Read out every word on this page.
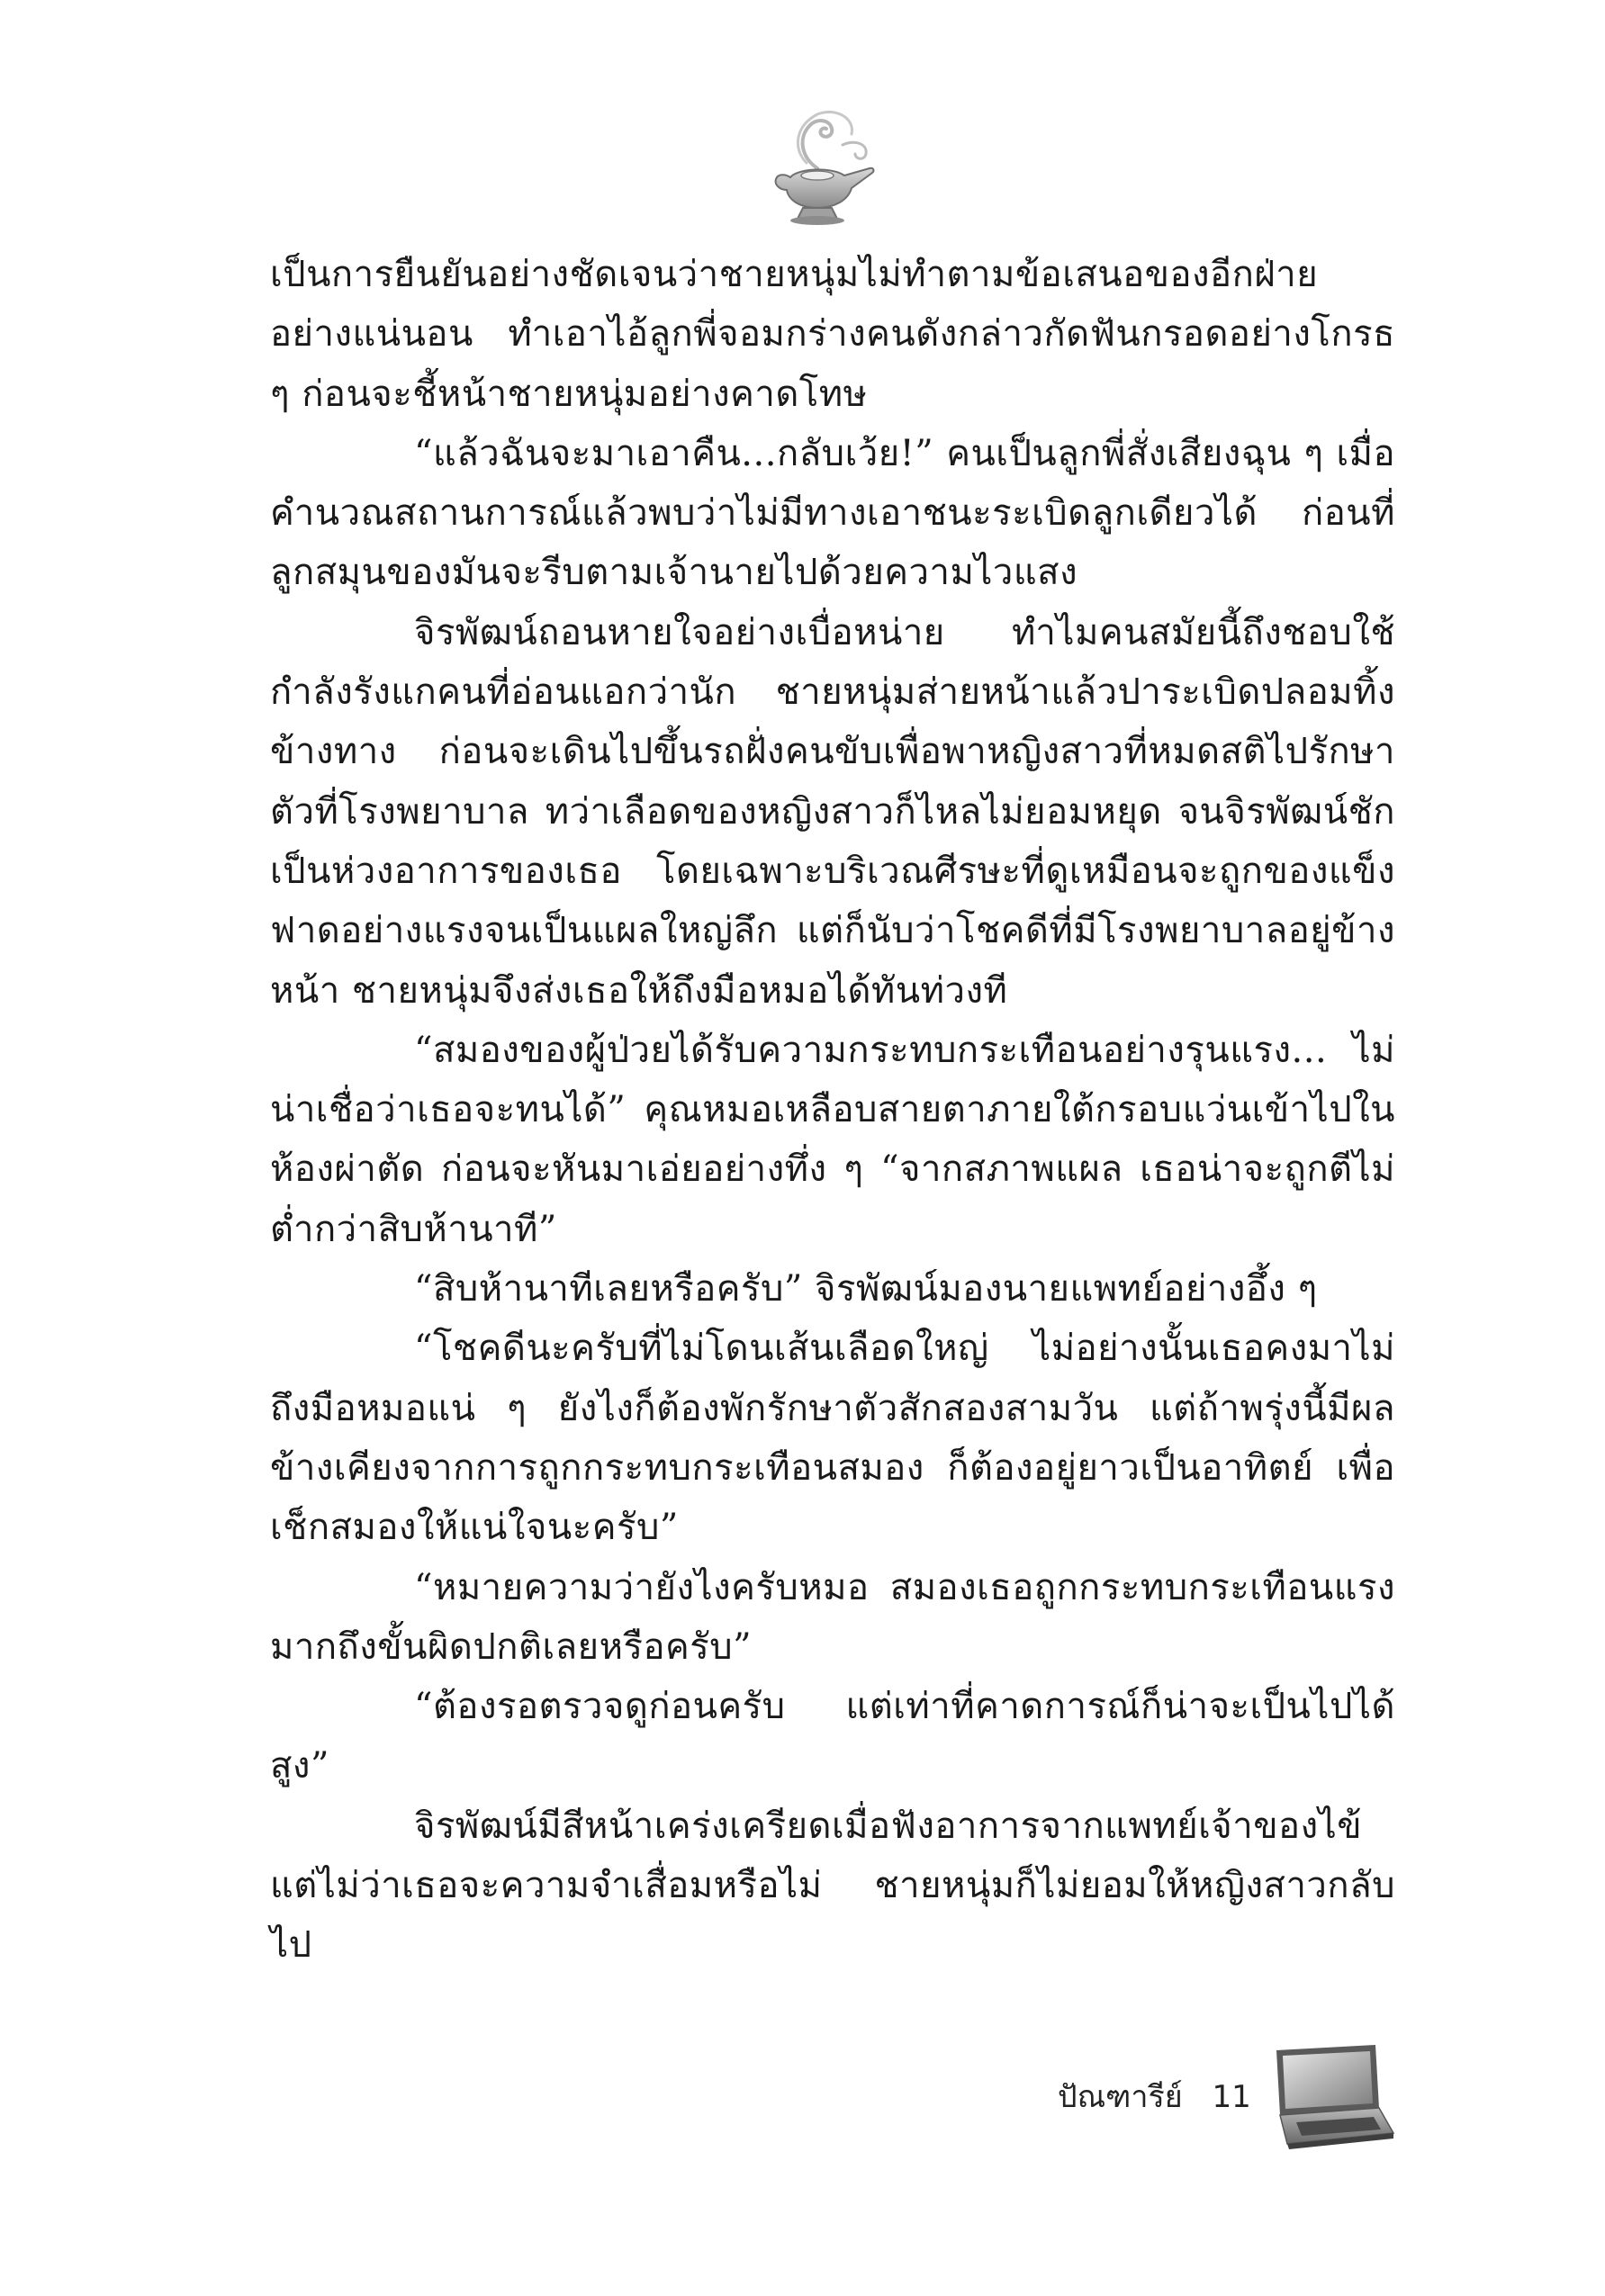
เป็นการยืนยันอย่างชัดเจนว่าชายหนุ่มไม่ทำตามข้อเสนอของอีกฝ่ายอย่างแน่นอน ทำเอาไอ้ลูกพี่จอมกร่างคนดังกล่าวกัดฟันกรอดอย่างโกรธ ๆ ก่อนจะชี้หน้าชายหนุ่มอย่างคาดโทษ

“แล้วฉันจะมาเอาคืน...กลับเว้ย!” คนเป็นลูกพี่สั่งเสียงฉุน ๆ เมื่อคำนวณสถานการณ์แล้วพบว่าไม่มีทางเอาชนะระเบิดลูกเดียวได้ ก่อนที่ลูกสมุนของมันจะรีบตามเจ้านายไปด้วยความไวแสง

จิรพัฒน์ถอนหายใจอย่างเบื่อหน่าย ทำไมคนสมัยนี้ถึงชอบใช้กำลังรังแกคนที่อ่อนแอกว่านัก ชายหนุ่มส่ายหน้าแล้วปาระเบิดปลอมทิ้งข้างทาง ก่อนจะเดินไปขึ้นรถฝั่งคนขับเพื่อพาหญิงสาวที่หมดสติไปรักษาตัวที่โรงพยาบาล ทว่าเลือดของหญิงสาวก็ไหลไม่ยอมหยุด จนจิรพัฒน์ชักเป็นห่วงอาการของเธอ โดยเฉพาะบริเวณศีรษะที่ดูเหมือนจะถูกของแข็งฟาดอย่างแรงจนเป็นแผลใหญ่ลึก แต่ก็นับว่าโชคดีที่มีโรงพยาบาลอยู่ข้างหน้า ชายหนุ่มจึงส่งเธอให้ถึงมือหมอได้ทันท่วงที

“สมองของผู้ป่วยได้รับความกระทบกระเทือนอย่างรุนแรง... ไม่น่าเชื่อว่าเธอจะทนได้” คุณหมอเหลือบสายตาภายใต้กรอบแว่นเข้าไปในห้องผ่าตัด ก่อนจะหันมาเอ่ยอย่างทึ่ง ๆ “จากสภาพแผล เธอน่าจะถูกตีไม่ต่ำกว่าสิบห้านาที”

“สิบห้านาทีเลยหรือครับ” จิรพัฒน์มองนายแพทย์อย่างอึ้ง ๆ

“โชคดีนะครับที่ไม่โดนเส้นเลือดใหญ่ ไม่อย่างนั้นเธอคงมาไม่ถึงมือหมอแน่ ๆ ยังไงก็ต้องพักรักษาตัวสักสองสามวัน แต่ถ้าพรุ่งนี้มีผลข้างเคียงจากการถูกกระทบกระเทือนสมอง ก็ต้องอยู่ยาวเป็นอาทิตย์ เพื่อเช็กสมองให้แน่ใจนะครับ”

“หมายความว่ายังไงครับหมอ สมองเธอถูกกระทบกระเทือนแรงมากถึงขั้นผิดปกติเลยหรือครับ”

“ต้องรอตรวจดูก่อนครับ แต่เท่าที่คาดการณ์ก็น่าจะเป็นไปได้สูง”

จิรพัฒน์มีสีหน้าเคร่งเครียดเมื่อฟังอาการจากแพทย์เจ้าของไข้ แต่ไม่ว่าเธอจะความจำเสื่อมหรือไม่ ชายหนุ่มก็ไม่ยอมให้หญิงสาวกลับไป

ปัณฑารีย์ 11
